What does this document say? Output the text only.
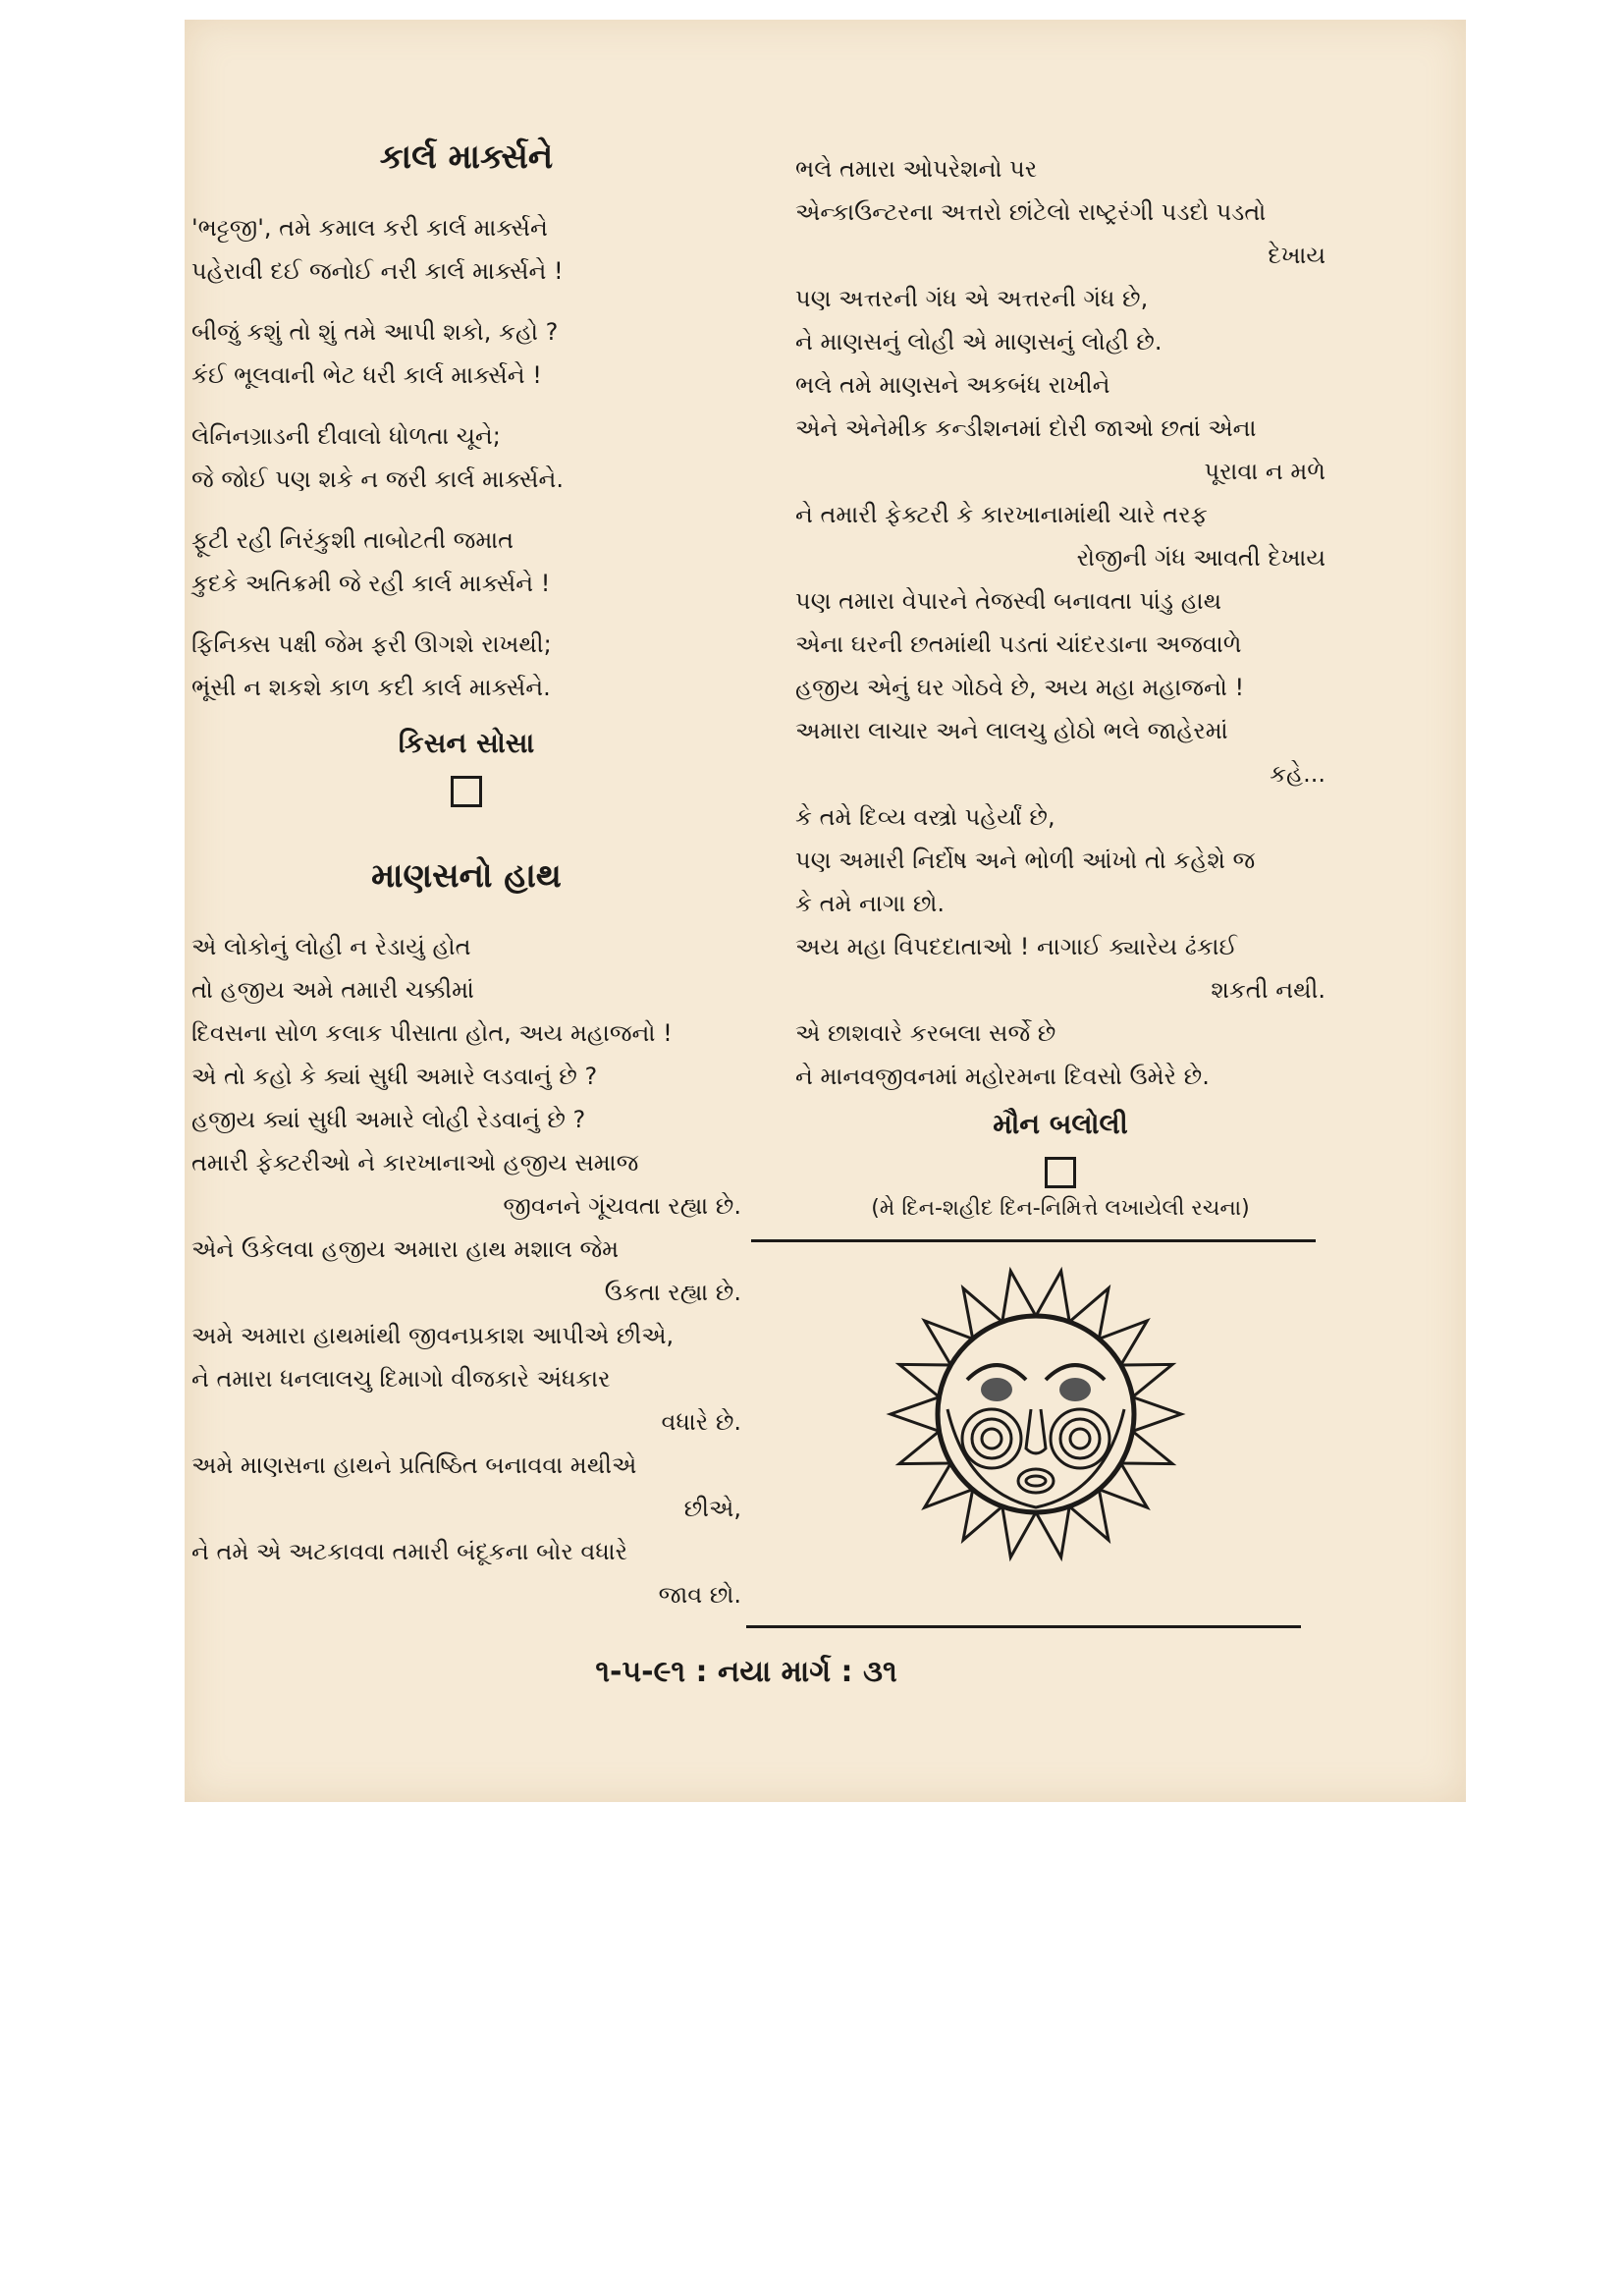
કાર્લ માર્ક્સને
'ભટ્ટજી', તમે કમાલ કરી કાર્લ માર્ક્સને
પહેરાવી દઈ જનોઈ નરી કાર્લ માર્ક્સને !
બીજું કશું તો શું તમે આપી શકો, કહો ?
કંઈ ભૂલવાની ભેટ ધરી કાર્લ માર્ક્સને !
લેનિનગ્રાડની દીવાલો ધોળતા ચૂને;
જે જોઈ પણ શકે ન જરી કાર્લ માર્ક્સને.
ફૂટી રહી નિરંકુશી તાબોટતી જમાત
કુદકે અતિક્રમી જે રહી કાર્લ માર્ક્સને !
ફિનિક્સ પક્ષી જેમ ફરી ઊગશે રાખથી;
ભૂંસી ન શકશે કાળ કદી કાર્લ માર્ક્સને.
કિસન સોસા
માણસનો હાથ
એ લોકોનું લોહી ન રેડાયું હોત
તો હજીય અમે તમારી ચક્કીમાં
દિવસના સોળ કલાક પીસાતા હોત, અય મહાજનો !
એ તો કહો કે ક્યાં સુધી અમારે લડવાનું છે ?
હજીય ક્યાં સુધી અમારે લોહી રેડવાનું છે ?
તમારી ફેક્ટરીઓ ને કારખાનાઓ હજીય સમાજ
જીવનને ગૂંચવતા રહ્યા છે.
એને ઉકેલવા હજીય અમારા હાથ મશાલ જેમ
ઉકતા રહ્યા છે.
અમે અમારા હાથમાંથી જીવનપ્રકાશ આપીએ છીએ,
ને તમારા ધનલાલચુ દિમાગો વીજકારે અંધકાર
વધારે છે.
અમે માણસના હાથને પ્રતિષ્ઠિત બનાવવા મથીએ
છીએ,
ને તમે એ અટકાવવા તમારી બંદૂકના બોર વધારે
જાવ છો.
ભલે તમારા ઓપરેશનો પર
એન્કાઉન્ટરના અત્તરો છાંટેલો રાષ્ટ્રરંગી પડદો પડતો
દેખાય
પણ અત્તરની ગંધ એ અત્તરની ગંધ છે,
ને માણસનું લોહી એ માણસનું લોહી છે.
ભલે તમે માણસને અકબંધ રાખીને
એને એનેમીક કન્ડીશનમાં દોરી જાઓ છતાં એના
પૂરાવા ન મળે
ને તમારી ફેક્ટરી કે કારખાનામાંથી ચારે તરફ
રોજીની ગંધ આવતી દેખાય
પણ તમારા વેપારને તેજસ્વી બનાવતા પાંડુ હાથ
એના ઘરની છતમાંથી પડતાં ચાંદરડાના અજવાળે
હજીય એનું ઘર ગોઠવે છે, અય મહા મહાજનો !
અમારા લાચાર અને લાલચુ હોઠો ભલે જાહેરમાં
કહે...
કે તમે દિવ્ય વસ્ત્રો પહેર્યાં છે,
પણ અમારી નિર્દોષ અને ભોળી આંખો તો કહેશે જ
કે તમે નાગા છો.
અય મહા વિપદદાતાઓ ! નાગાઈ ક્યારેય ઢંકાઈ
શકતી નથી.
એ છાશવારે કરબલા સર્જે છે
ને માનવજીવનમાં મહોરમના દિવસો ઉમેરે છે.
મૌન બલોલી
(મે દિન-શહીદ દિન-નિમિત્તે લખાયેલી રચના)
૧-૫-૯૧ : નયા માર્ગ : ૩૧
